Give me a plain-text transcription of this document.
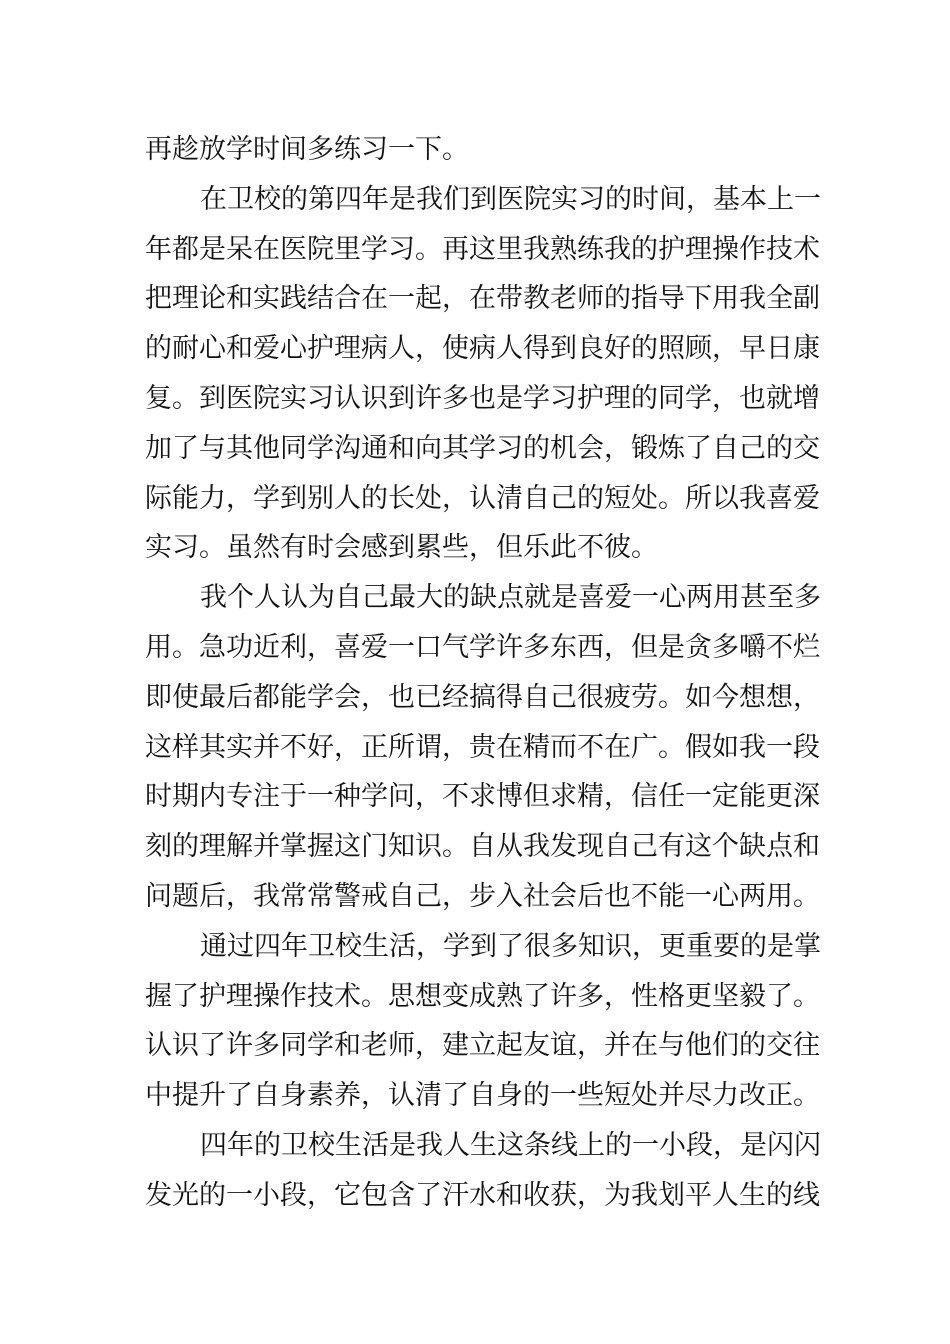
再趁放学时间多练习一下。
在卫校的第四年是我们到医院实习的时间，基本上一
年都是呆在医院里学习。再这里我熟练我的护理操作技术
把理论和实践结合在一起，在带教老师的指导下用我全副
的耐心和爱心护理病人，使病人得到良好的照顾，早日康
复。到医院实习认识到许多也是学习护理的同学，也就增
加了与其他同学沟通和向其学习的机会，锻炼了自己的交
际能力，学到别人的长处，认清自己的短处。所以我喜爱
实习。虽然有时会感到累些，但乐此不彼。
我个人认为自己最大的缺点就是喜爱一心两用甚至多
用。急功近利，喜爱一口气学许多东西，但是贪多嚼不烂
即使最后都能学会，也已经搞得自己很疲劳。如今想想，
这样其实并不好，正所谓，贵在精而不在广。假如我一段
时期内专注于一种学问，不求博但求精，信任一定能更深
刻的理解并掌握这门知识。自从我发现自己有这个缺点和
问题后，我常常警戒自己，步入社会后也不能一心两用。
通过四年卫校生活，学到了很多知识，更重要的是掌
握了护理操作技术。思想变成熟了许多，性格更坚毅了。
认识了许多同学和老师，建立起友谊，并在与他们的交往
中提升了自身素养，认清了自身的一些短处并尽力改正。
四年的卫校生活是我人生这条线上的一小段，是闪闪
发光的一小段，它包含了汗水和收获，为我划平人生的线
